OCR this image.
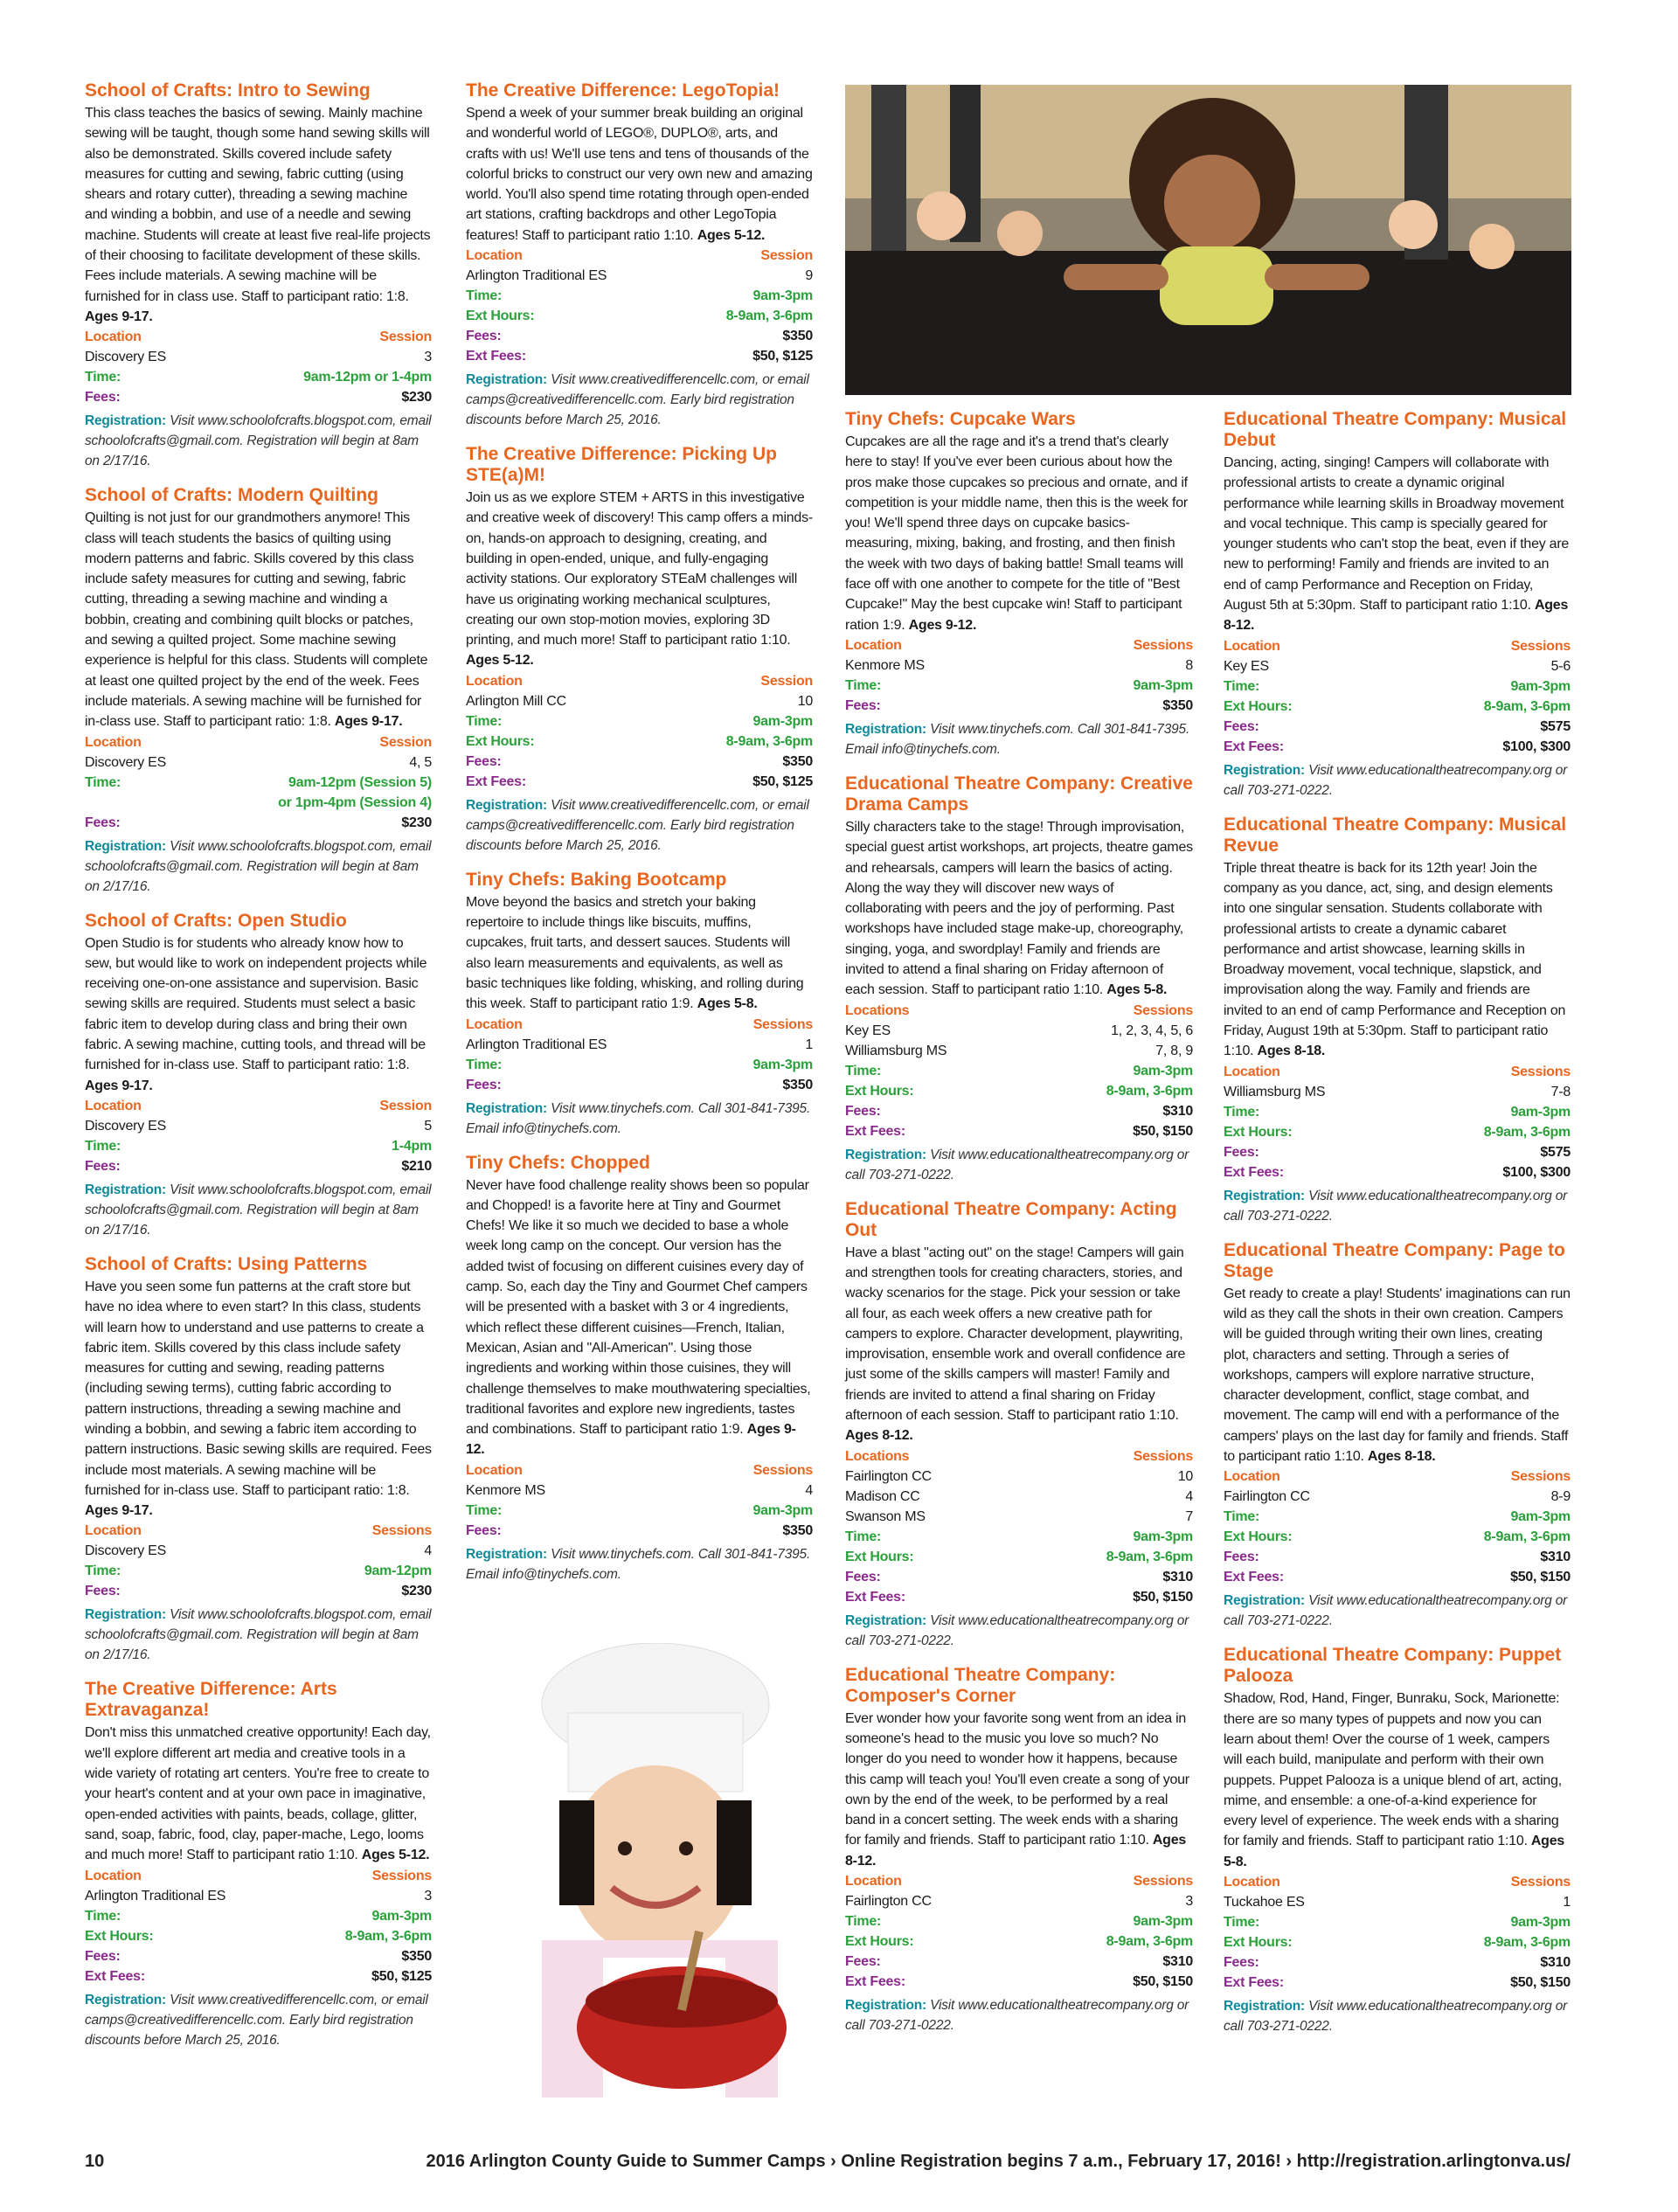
School of Crafts: Intro to Sewing

This class teaches the basics of sewing. Mainly machine sewing will be taught, though some hand sewing skills will also be demonstrated. Skills covered include safety measures for cutting and sewing, fabric cutting (using shears and rotary cutter), threading a sewing machine and winding a bobbin, and use of a needle and sewing machine. Students will create at least five real-life projects of their choosing to facilitate development of these skills. Fees include materials. A sewing machine will be furnished for in class use. Staff to participant ratio: 1:8. Ages 9-17.

Location	Session
Discovery ES	3
Time:	9am-12pm or 1-4pm
Fees:	$230

Registration: Visit www.schoolofcrafts.blogspot.com, email schoolofcrafts@gmail.com. Registration will begin at 8am on 2/17/16.

School of Crafts: Modern Quilting

Quilting is not just for our grandmothers anymore! This class will teach students the basics of quilting using modern patterns and fabric. Skills covered by this class include safety measures for cutting and sewing, fabric cutting, threading a sewing machine and winding a bobbin, creating and combining quilt blocks or patches, and sewing a quilted project. Some machine sewing experience is helpful for this class. Students will complete at least one quilted project by the end of the week. Fees include materials. A sewing machine will be furnished for in-class use. Staff to participant ratio: 1:8. Ages 9-17.

Location	Session
Discovery ES	4, 5
Time:	9am-12pm (Session 5)
or 1pm-4pm (Session 4)
Fees:	$230

Registration: Visit www.schoolofcrafts.blogspot.com, email schoolofcrafts@gmail.com. Registration will begin at 8am on 2/17/16.

School of Crafts: Open Studio

Open Studio is for students who already know how to sew, but would like to work on independent projects while receiving one-on-one assistance and supervision. Basic sewing skills are required. Students must select a basic fabric item to develop during class and bring their own fabric. A sewing machine, cutting tools, and thread will be furnished for in-class use. Staff to participant ratio: 1:8. Ages 9-17.

Location	Session
Discovery ES	5
Time:	1-4pm
Fees:	$210

Registration: Visit www.schoolofcrafts.blogspot.com, email schoolofcrafts@gmail.com. Registration will begin at 8am on 2/17/16.

School of Crafts: Using Patterns

Have you seen some fun patterns at the craft store but have no idea where to even start? In this class, students will learn how to understand and use patterns to create a fabric item. Skills covered by this class include safety measures for cutting and sewing, reading patterns (including sewing terms), cutting fabric according to pattern instructions, threading a sewing machine and winding a bobbin, and sewing a fabric item according to pattern instructions. Basic sewing skills are required. Fees include most materials. A sewing machine will be furnished for in-class use. Staff to participant ratio: 1:8. Ages 9-17.

Location	Sessions
Discovery ES	4
Time:	9am-12pm
Fees:	$230

Registration: Visit www.schoolofcrafts.blogspot.com, email schoolofcrafts@gmail.com. Registration will begin at 8am on 2/17/16.

The Creative Difference: Arts Extravaganza!

Don't miss this unmatched creative opportunity! Each day, we'll explore different art media and creative tools in a wide variety of rotating art centers. You're free to create to your heart's content and at your own pace in imaginative, open-ended activities with paints, beads, collage, glitter, sand, soap, fabric, food, clay, paper-mache, Lego, looms and much more! Staff to participant ratio 1:10. Ages 5-12.

Location	Sessions
Arlington Traditional ES	3
Time:	9am-3pm
Ext Hours:	8-9am, 3-6pm
Fees:	$350
Ext Fees:	$50, $125

Registration: Visit www.creativedifferencellc.com, or email camps@creativedifferencellc.com. Early bird registration discounts before March 25, 2016.

The Creative Difference: LegoTopia!

Spend a week of your summer break building an original and wonderful world of LEGO®, DUPLO®, arts, and crafts with us! We'll use tens and tens of thousands of the colorful bricks to construct our very own new and amazing world. You'll also spend time rotating through open-ended art stations, crafting backdrops and other LegoTopia features! Staff to participant ratio 1:10. Ages 5-12.

Location	Session
Arlington Traditional ES	9
Time:	9am-3pm
Ext Hours:	8-9am, 3-6pm
Fees:	$350
Ext Fees:	$50, $125

Registration: Visit www.creativedifferencellc.com, or email camps@creativedifferencellc.com. Early bird registration discounts before March 25, 2016.

The Creative Difference: Picking Up STE(a)M!

Join us as we explore STEM + ARTS in this investigative and creative week of discovery! This camp offers a minds-on, hands-on approach to designing, creating, and building in open-ended, unique, and fully-engaging activity stations. Our exploratory STEaM challenges will have us originating working mechanical sculptures, creating our own stop-motion movies, exploring 3D printing, and much more! Staff to participant ratio 1:10. Ages 5-12.

Location	Session
Arlington Mill CC	10
Time:	9am-3pm
Ext Hours:	8-9am, 3-6pm
Fees:	$350
Ext Fees:	$50, $125

Registration: Visit www.creativedifferencellc.com, or email camps@creativedifferencellc.com. Early bird registration discounts before March 25, 2016.

Tiny Chefs: Baking Bootcamp

Move beyond the basics and stretch your baking repertoire to include things like biscuits, muffins, cupcakes, fruit tarts, and dessert sauces. Students will also learn measurements and equivalents, as well as basic techniques like folding, whisking, and rolling during this week. Staff to participant ratio 1:9. Ages 5-8.

Location	Sessions
Arlington Traditional ES	1
Time:	9am-3pm
Fees:	$350

Registration: Visit www.tinychefs.com. Call 301-841-7395. Email info@tinychefs.com.

Tiny Chefs: Chopped

Never have food challenge reality shows been so popular and Chopped! is a favorite here at Tiny and Gourmet Chefs! We like it so much we decided to base a whole week long camp on the concept. Our version has the added twist of focusing on different cuisines every day of camp. So, each day the Tiny and Gourmet Chef campers will be presented with a basket with 3 or 4 ingredients, which reflect these different cuisines—French, Italian, Mexican, Asian and "All-American". Using those ingredients and working within those cuisines, they will challenge themselves to make mouthwatering specialties, traditional favorites and explore new ingredients, tastes and combinations. Staff to participant ratio 1:9. Ages 9-12.

Location	Sessions
Kenmore MS	4
Time:	9am-3pm
Fees:	$350

Registration: Visit www.tinychefs.com. Call 301-841-7395. Email info@tinychefs.com.

Tiny Chefs: Cupcake Wars

Cupcakes are all the rage and it's a trend that's clearly here to stay! If you've ever been curious about how the pros make those cupcakes so precious and ornate, and if competition is your middle name, then this is the week for you! We'll spend three days on cupcake basics-measuring, mixing, baking, and frosting, and then finish the week with two days of baking battle! Small teams will face off with one another to compete for the title of "Best Cupcake!" May the best cupcake win! Staff to participant ration 1:9. Ages 9-12.

Location	Sessions
Kenmore MS	8
Time:	9am-3pm
Fees:	$350

Registration: Visit www.tinychefs.com. Call 301-841-7395. Email info@tinychefs.com.

Educational Theatre Company: Creative Drama Camps

Silly characters take to the stage! Through improvisation, special guest artist workshops, art projects, theatre games and rehearsals, campers will learn the basics of acting. Along the way they will discover new ways of collaborating with peers and the joy of performing. Past workshops have included stage make-up, choreography, singing, yoga, and swordplay! Family and friends are invited to attend a final sharing on Friday afternoon of each session. Staff to participant ratio 1:10. Ages 5-8.

Locations	Sessions
Key ES	1, 2, 3, 4, 5, 6
Williamsburg MS	7, 8, 9
Time:	9am-3pm
Ext Hours:	8-9am, 3-6pm
Fees:	$310
Ext Fees:	$50, $150

Registration: Visit www.educationaltheatrecompany.org or call 703-271-0222.

Educational Theatre Company: Acting Out

Have a blast "acting out" on the stage! Campers will gain and strengthen tools for creating characters, stories, and wacky scenarios for the stage. Pick your session or take all four, as each week offers a new creative path for campers to explore. Character development, playwriting, improvisation, ensemble work and overall confidence are just some of the skills campers will master! Family and friends are invited to attend a final sharing on Friday afternoon of each session. Staff to participant ratio 1:10. Ages 8-12.

Locations	Sessions
Fairlington CC	10
Madison CC	4
Swanson MS	7
Time:	9am-3pm
Ext Hours:	8-9am, 3-6pm
Fees:	$310
Ext Fees:	$50, $150

Registration: Visit www.educationaltheatrecompany.org or call 703-271-0222.

Educational Theatre Company: Composer's Corner

Ever wonder how your favorite song went from an idea in someone's head to the music you love so much? No longer do you need to wonder how it happens, because this camp will teach you! You'll even create a song of your own by the end of the week, to be performed by a real band in a concert setting. The week ends with a sharing for family and friends. Staff to participant ratio 1:10. Ages 8-12.

Location	Sessions
Fairlington CC	3
Time:	9am-3pm
Ext Hours:	8-9am, 3-6pm
Fees:	$310
Ext Fees:	$50, $150

Registration: Visit www.educationaltheatrecompany.org or call 703-271-0222.

Educational Theatre Company: Musical Debut

Dancing, acting, singing! Campers will collaborate with professional artists to create a dynamic original performance while learning skills in Broadway movement and vocal technique. This camp is specially geared for younger students who can't stop the beat, even if they are new to performing! Family and friends are invited to an end of camp Performance and Reception on Friday, August 5th at 5:30pm. Staff to participant ratio 1:10. Ages 8-12.

Location	Sessions
Key ES	5-6
Time:	9am-3pm
Ext Hours:	8-9am, 3-6pm
Fees:	$575
Ext Fees:	$100, $300

Registration: Visit www.educationaltheatrecompany.org or call 703-271-0222.

Educational Theatre Company: Musical Revue

Triple threat theatre is back for its 12th year! Join the company as you dance, act, sing, and design elements into one singular sensation. Students collaborate with professional artists to create a dynamic cabaret performance and artist showcase, learning skills in Broadway movement, vocal technique, slapstick, and improvisation along the way. Family and friends are invited to an end of camp Performance and Reception on Friday, August 19th at 5:30pm. Staff to participant ratio 1:10. Ages 8-18.

Location	Sessions
Williamsburg MS	7-8
Time:	9am-3pm
Ext Hours:	8-9am, 3-6pm
Fees:	$575
Ext Fees:	$100, $300

Registration: Visit www.educationaltheatrecompany.org or call 703-271-0222.

Educational Theatre Company: Page to Stage

Get ready to create a play! Students' imaginations can run wild as they call the shots in their own creation. Campers will be guided through writing their own lines, creating plot, characters and setting. Through a series of workshops, campers will explore narrative structure, character development, conflict, stage combat, and movement. The camp will end with a performance of the campers' plays on the last day for family and friends. Staff to participant ratio 1:10. Ages 8-18.

Location	Sessions
Fairlington CC	8-9
Time:	9am-3pm
Ext Hours:	8-9am, 3-6pm
Fees:	$310
Ext Fees:	$50, $150

Registration: Visit www.educationaltheatrecompany.org or call 703-271-0222.

Educational Theatre Company: Puppet Palooza

Shadow, Rod, Hand, Finger, Bunraku, Sock, Marionette: there are so many types of puppets and now you can learn about them! Over the course of 1 week, campers will each build, manipulate and perform with their own puppets. Puppet Palooza is a unique blend of art, acting, mime, and ensemble: a one-of-a-kind experience for every level of experience. The week ends with a sharing for family and friends. Staff to participant ratio 1:10. Ages 5-8.

Location	Sessions
Tuckahoe ES	1
Time:	9am-3pm
Ext Hours:	8-9am, 3-6pm
Fees:	$310
Ext Fees:	$50, $150

Registration: Visit www.educationaltheatrecompany.org or call 703-271-0222.

10	2016 Arlington County Guide to Summer Camps › Online Registration begins 7 a.m., February 17, 2016! › http://registration.arlingtonva.us/
